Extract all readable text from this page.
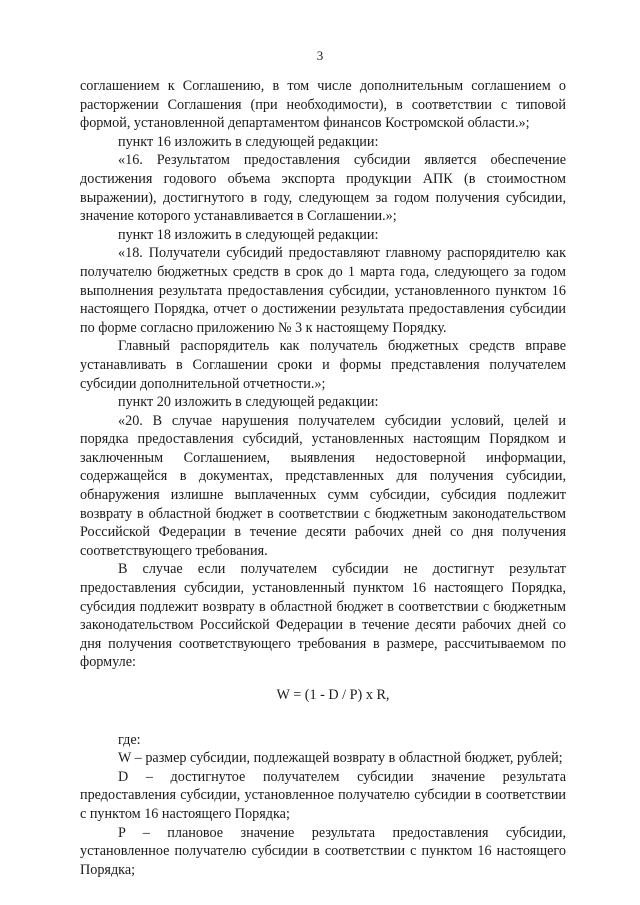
3

соглашением к Соглашению, в том числе дополнительным соглашением о расторжении Соглашения (при необходимости), в соответствии с типовой формой, установленной департаментом финансов Костромской области.»;

пункт 16 изложить в следующей редакции:

«16. Результатом предоставления субсидии является обеспечение достижения годового объема экспорта продукции АПК (в стоимостном выражении), достигнутого в году, следующем за годом получения субсидии, значение которого устанавливается в Соглашении.»;

пункт 18 изложить в следующей редакции:

«18. Получатели субсидий предоставляют главному распорядителю как получателю бюджетных средств в срок до 1 марта года, следующего за годом выполнения результата предоставления субсидии, установленного пунктом 16 настоящего Порядка, отчет о достижении результата предоставления субсидии по форме согласно приложению № 3 к настоящему Порядку.

Главный распорядитель как получатель бюджетных средств вправе устанавливать в Соглашении сроки и формы представления получателем субсидии дополнительной отчетности.»;

пункт 20 изложить в следующей редакции:

«20. В случае нарушения получателем субсидии условий, целей и порядка предоставления субсидий, установленных настоящим Порядком и заключенным Соглашением, выявления недостоверной информации, содержащейся в документах, представленных для получения субсидии, обнаружения излишне выплаченных сумм субсидии, субсидия подлежит возврату в областной бюджет в соответствии с бюджетным законодательством Российской Федерации в течение десяти рабочих дней со дня получения соответствующего требования.

В случае если получателем субсидии не достигнут результат предоставления субсидии, установленный пунктом 16 настоящего Порядка, субсидия подлежит возврату в областной бюджет в соответствии с бюджетным законодательством Российской Федерации в течение десяти рабочих дней со дня получения соответствующего требования в размере, рассчитываемом по формуле:

W = (1 - D / P) x R,

где:

W – размер субсидии, подлежащей возврату в областной бюджет, рублей;

D – достигнутое получателем субсидии значение результата предоставления субсидии, установленное получателю субсидии в соответствии с пунктом 16 настоящего Порядка;

P – плановое значение результата предоставления субсидии, установленное получателю субсидии в соответствии с пунктом 16 настоящего Порядка;
